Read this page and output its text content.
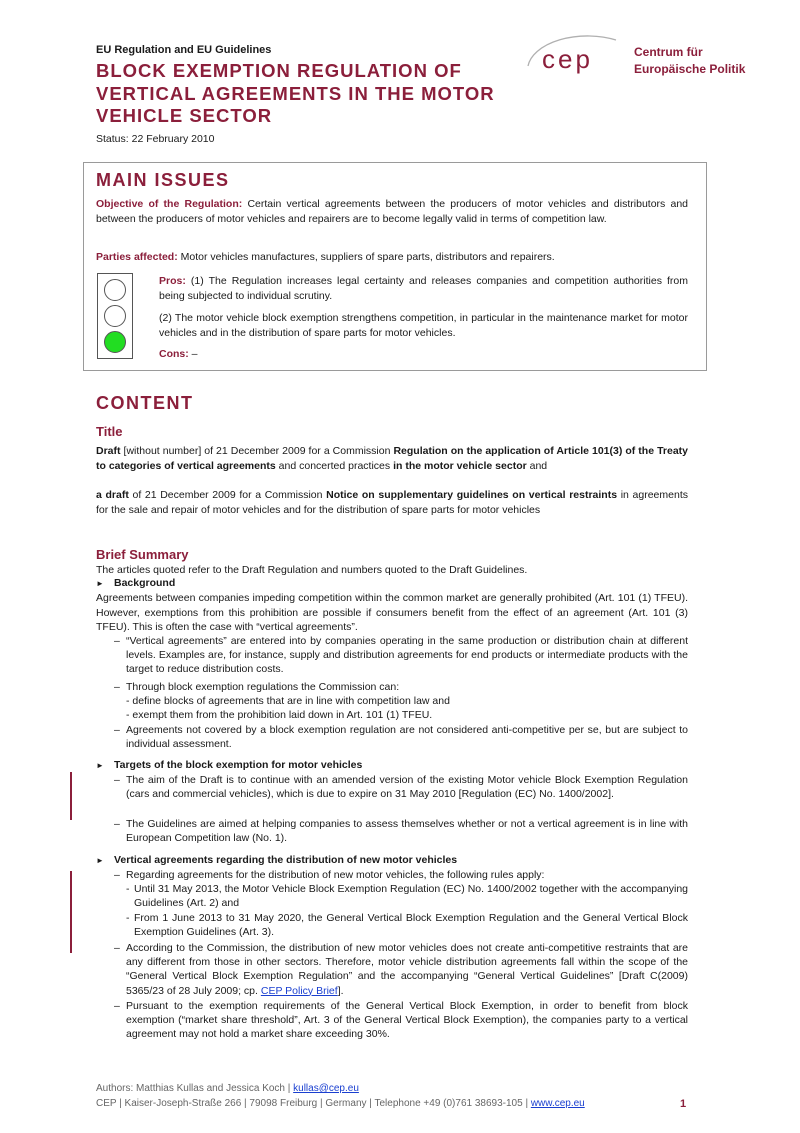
EU Regulation and EU Guidelines
BLOCK EXEMPTION REGULATION OF VERTICAL AGREEMENTS IN THE MOTOR VEHICLE SECTOR
Status: 22 February 2010
cep	Centrum für
Europäische Politik
MAIN ISSUES

Objective of the Regulation: Certain vertical agreements between the producers of motor vehicles and distributors and between the producers of motor vehicles and repairers are to become legally valid in terms of competition law.

Parties affected: Motor vehicles manufactures, suppliers of spare parts, distributors and repairers.

Pros: (1) The Regulation increases legal certainty and releases companies and competition authorities from being subjected to individual scrutiny.

(2) The motor vehicle block exemption strengthens competition, in particular in the maintenance market for motor vehicles and in the distribution of spare parts for motor vehicles.

Cons: –

CONTENT
Title

Draft [without number] of 21 December 2009 for a Commission Regulation on the application of Article 101(3) of the Treaty to categories of vertical agreements and concerted practices in the motor vehicle sector and

a draft of 21 December 2009 for a Commission Notice on supplementary guidelines on vertical restraints in agreements for the sale and repair of motor vehicles and for the distribution of spare parts for motor vehicles

Brief Summary

The articles quoted refer to the Draft Regulation and numbers quoted to the Draft Guidelines.

► Background

Agreements between companies impeding competition within the common market are generally prohibited (Art. 101 (1) TFEU). However, exemptions from this prohibition are possible if consumers benefit from the effect of an agreement (Art. 101 (3) TFEU). This is often the case with “vertical agreements”.

– “Vertical agreements” are entered into by companies operating in the same production or distribution chain at different levels. Examples are, for instance, supply and distribution agreements for end products or intermediate products with the target to reduce distribution costs.

– Through block exemption regulations the Commission can:

- define blocks of agreements that are in line with competition law and

- exempt them from the prohibition laid down in Art. 101 (1) TFEU.

– Agreements not covered by a block exemption regulation are not considered anti-competitive per se, but are subject to individual assessment.

► Targets of the block exemption for motor vehicles

– The aim of the Draft is to continue with an amended version of the existing Motor vehicle Block Exemption Regulation (cars and commercial vehicles), which is due to expire on 31 May 2010 [Regulation (EC) No. 1400/2002].

– The Guidelines are aimed at helping companies to assess themselves whether or not a vertical agreement is in line with European Competition law (No. 1).

► Vertical agreements regarding the distribution of new motor vehicles

– Regarding agreements for the distribution of new motor vehicles, the following rules apply:

- Until 31 May 2013, the Motor Vehicle Block Exemption Regulation (EC) No. 1400/2002 together with the accompanying Guidelines (Art. 2) and

- From 1 June 2013 to 31 May 2020, the General Vertical Block Exemption Regulation and the General Vertical Block Exemption Guidelines (Art. 3).

– According to the Commission, the distribution of new motor vehicles does not create anti-competitive restraints that are any different from those in other sectors. Therefore, motor vehicle distribution agreements fall within the scope of the “General Vertical Block Exemption Regulation” and the accompanying “General Vertical Guidelines” [Draft C(2009) 5365/23 of 28 July 2009; cp. CEP Policy Brief].

– Pursuant to the exemption requirements of the General Vertical Block Exemption, in order to benefit from block exemption (“market share threshold”, Art. 3 of the General Vertical Block Exemption), the companies party to a vertical agreement may not hold a market share exceeding 30%.

Authors: Matthias Kullas and Jessica Koch | kullas@cep.eu
CEP | Kaiser-Joseph-Straße 266 | 79098 Freiburg | Germany | Telephone +49 (0)761 38693-105 | www.cep.eu	1
